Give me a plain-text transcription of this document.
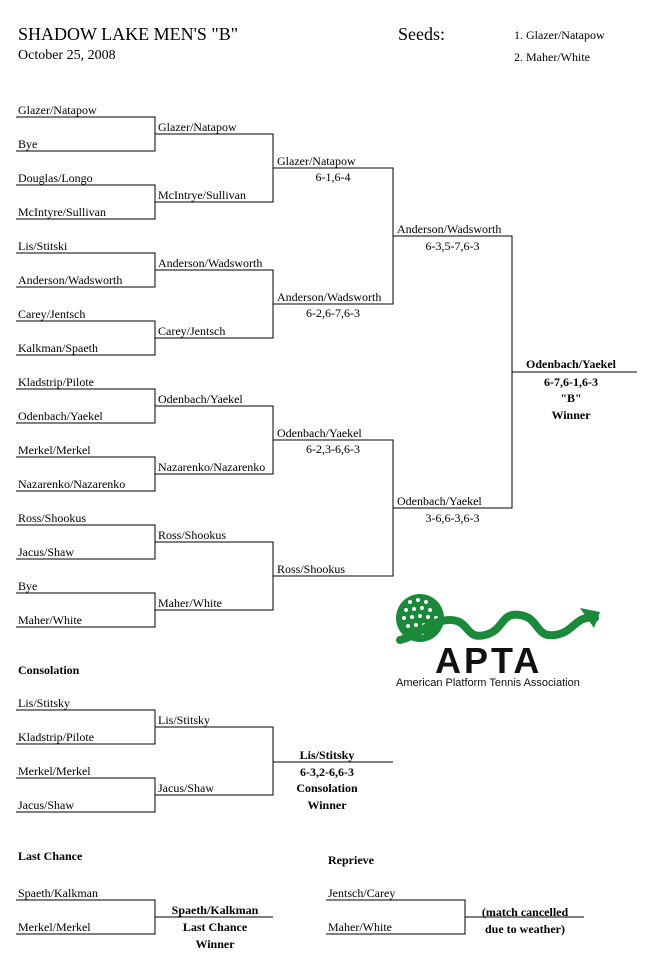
SHADOW LAKE MEN'S "B"
October 25, 2008
Seeds:	1. Glazer/Natapow
2. Maher/White
Glazer/Natapow
Bye
Douglas/Longo
McIntyre/Sullivan
Lis/Stitski
Anderson/Wadsworth
Carey/Jentsch
Kalkman/Spaeth
Kladstrip/Pilote
Odenbach/Yaekel
Merkel/Merkel
Nazarenko/Nazarenko
Ross/Shookus
Jacus/Shaw
Bye
Maher/White
Glazer/Natapow
McIntrye/Sullivan
Anderson/Wadsworth
Carey/Jentsch
Odenbach/Yaekel
Nazarenko/Nazarenko
Ross/Shookus
Maher/White
Glazer/Natapow
6-1,6-4
Anderson/Wadsworth
6-2,6-7,6-3
Odenbach/Yaekel
6-2,3-6,6-3
Ross/Shookus
Anderson/Wadsworth
6-3,5-7,6-3
Odenbach/Yaekel
3-6,6-3,6-3
Odenbach/Yaekel
6-7,6-1,6-3
"B"
Winner
Consolation
Lis/Stitsky
Kladstrip/Pilote
Merkel/Merkel
Jacus/Shaw
Lis/Stitsky
Jacus/Shaw
Lis/Stitsky
6-3,2-6,6-3
Consolation
Winner
Last Chance
Spaeth/Kalkman
Merkel/Merkel
Spaeth/Kalkman
Last Chance
Winner
Reprieve
Jentsch/Carey
Maher/White
(match cancelled
due to weather)
APTA
American Platform Tennis Association
